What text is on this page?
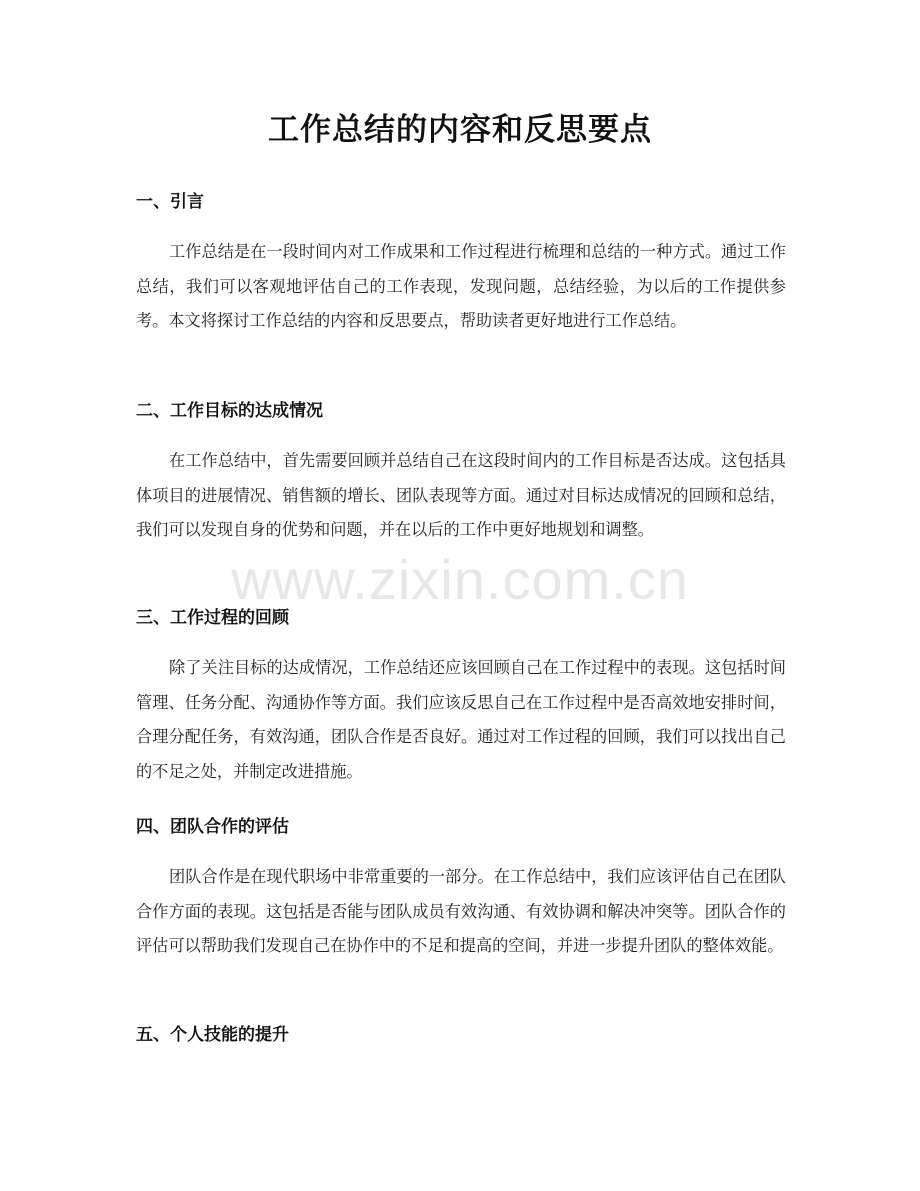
工作总结的内容和反思要点
一、引言
工作总结是在一段时间内对工作成果和工作过程进行梳理和总结的一种方式。通过工作总结，我们可以客观地评估自己的工作表现，发现问题，总结经验，为以后的工作提供参考。本文将探讨工作总结的内容和反思要点，帮助读者更好地进行工作总结。
二、工作目标的达成情况
在工作总结中，首先需要回顾并总结自己在这段时间内的工作目标是否达成。这包括具体项目的进展情况、销售额的增长、团队表现等方面。通过对目标达成情况的回顾和总结，我们可以发现自身的优势和问题，并在以后的工作中更好地规划和调整。
三、工作过程的回顾
除了关注目标的达成情况，工作总结还应该回顾自己在工作过程中的表现。这包括时间管理、任务分配、沟通协作等方面。我们应该反思自己在工作过程中是否高效地安排时间，合理分配任务，有效沟通，团队合作是否良好。通过对工作过程的回顾，我们可以找出自己的不足之处，并制定改进措施。
四、团队合作的评估
团队合作是在现代职场中非常重要的一部分。在工作总结中，我们应该评估自己在团队合作方面的表现。这包括是否能与团队成员有效沟通、有效协调和解决冲突等。团队合作的评估可以帮助我们发现自己在协作中的不足和提高的空间，并进一步提升团队的整体效能。
五、个人技能的提升
www.zixin.com.cn
